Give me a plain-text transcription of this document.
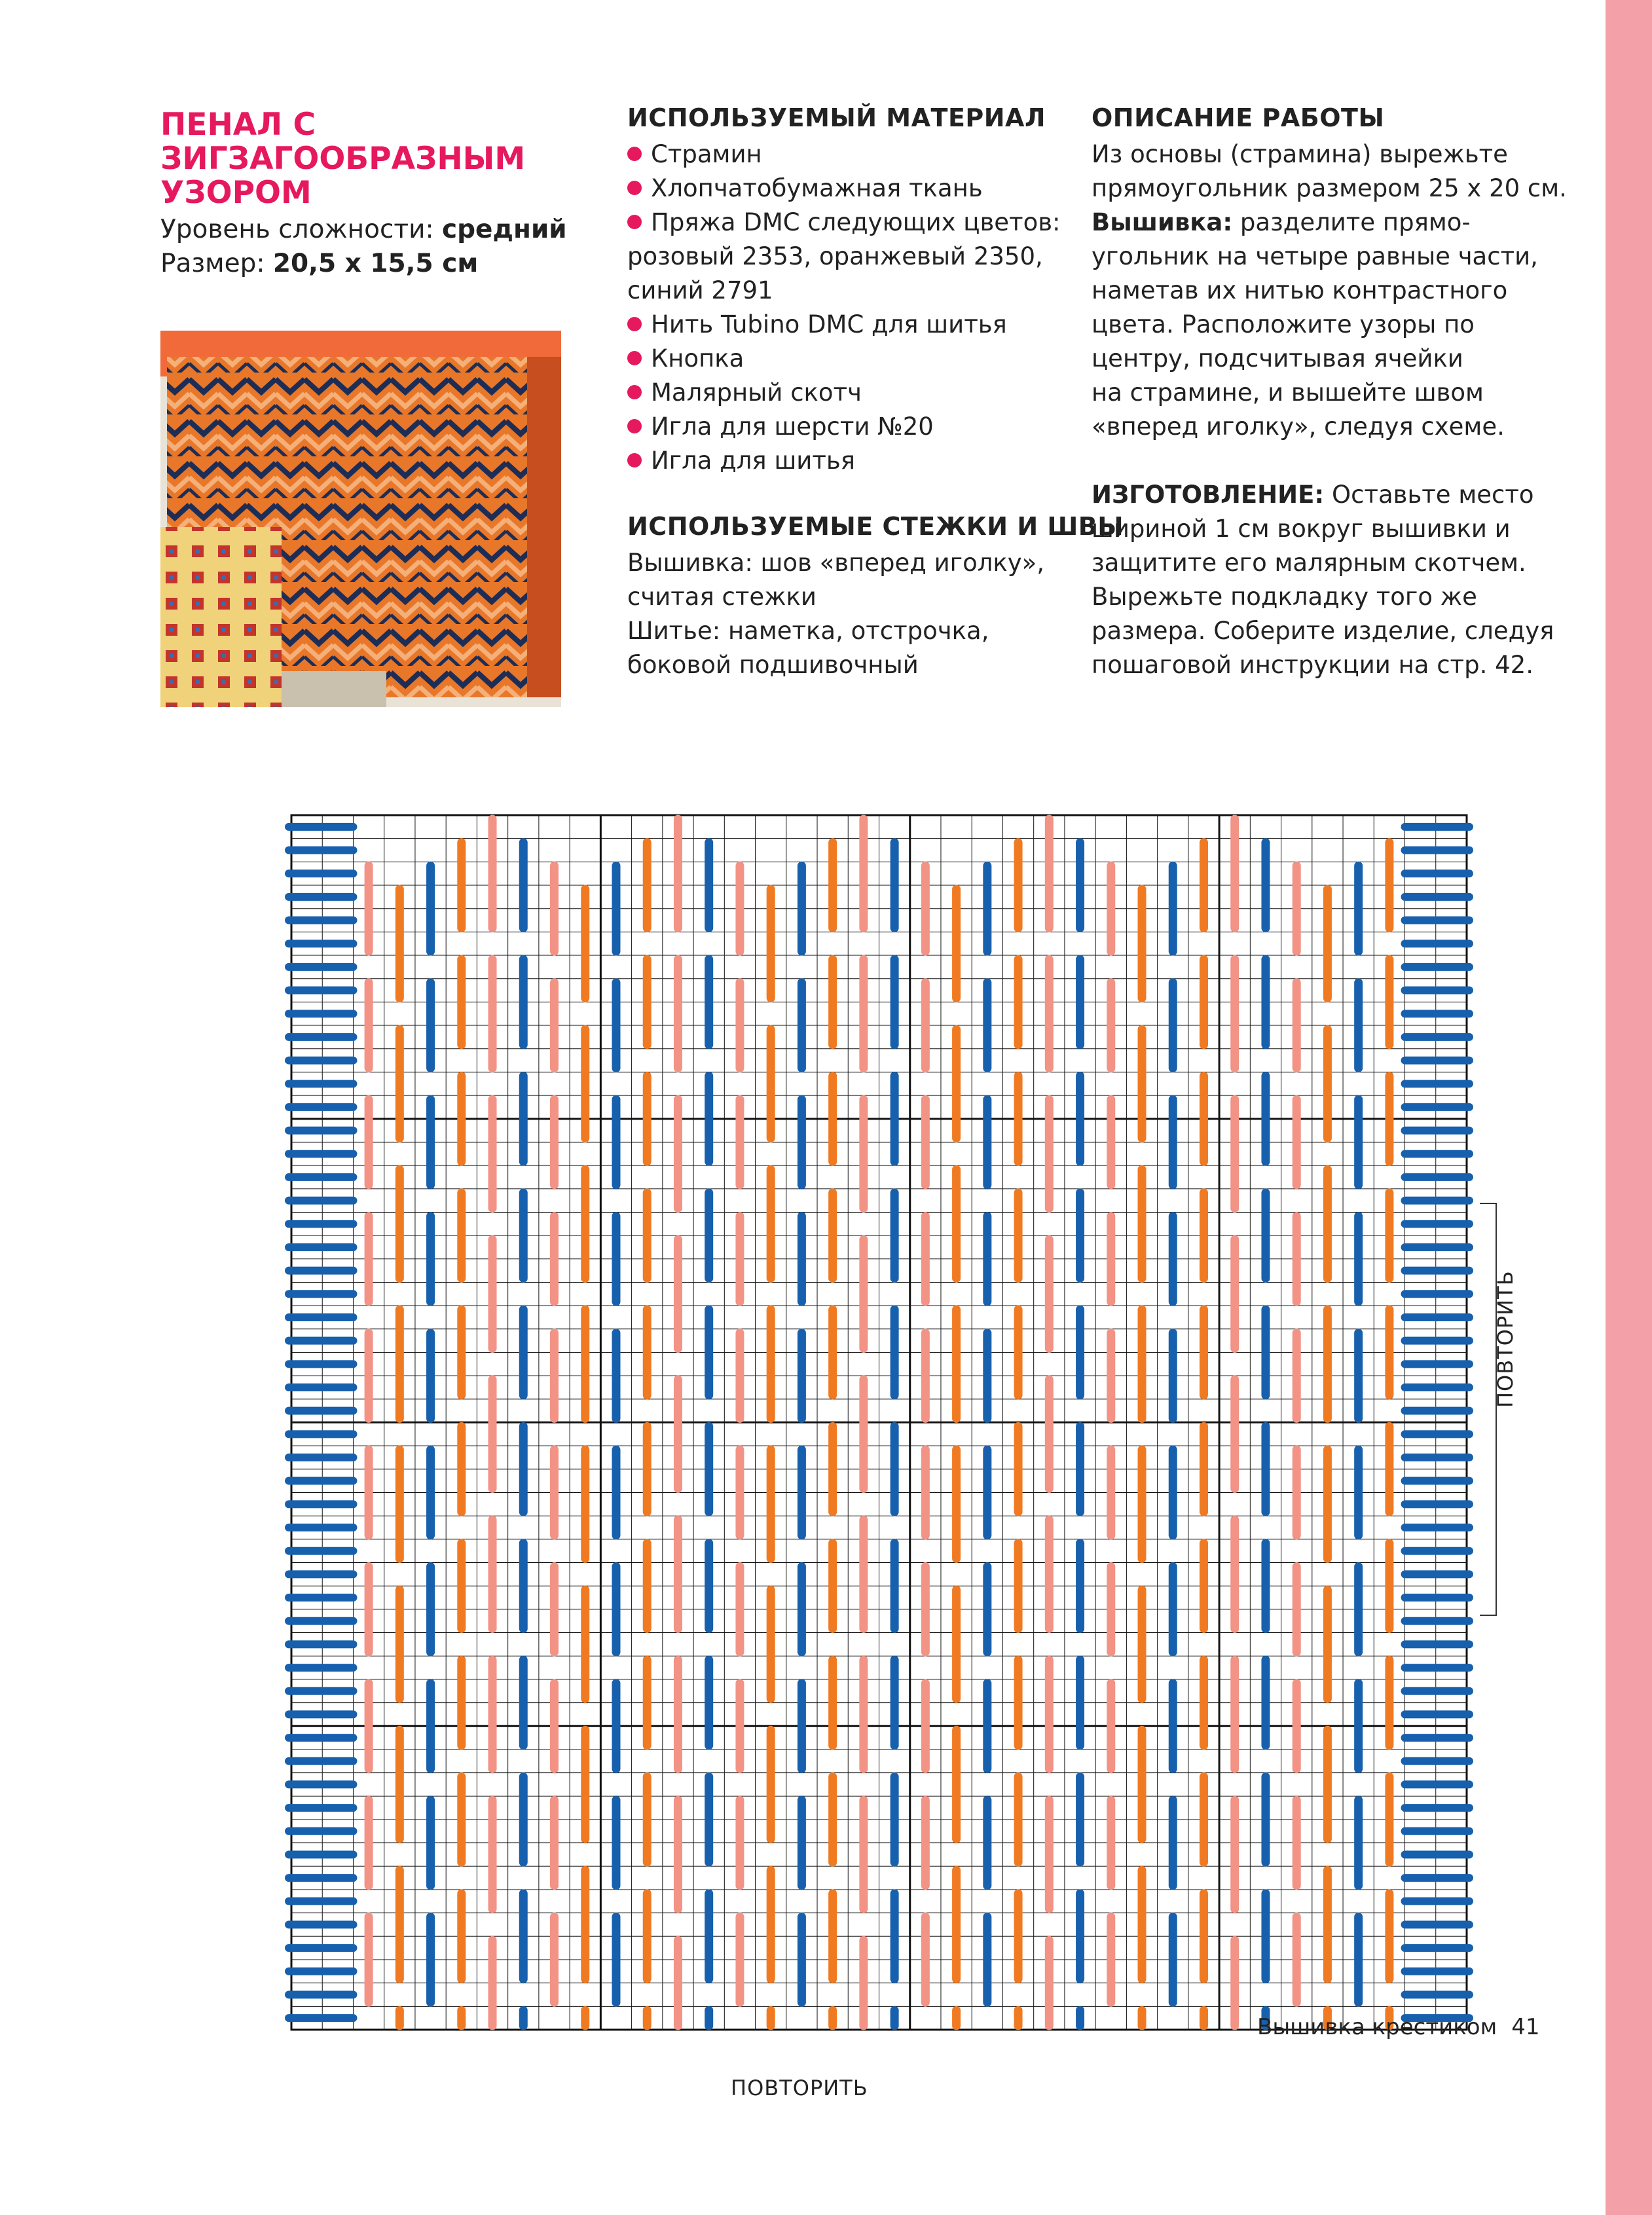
ПЕНАЛ С
ЗИГЗАГООБРАЗНЫМ
УЗОРОМ
Уровень сложности: средний
Размер: 20,5 x 15,5 см
ИСПОЛЬЗУЕМЫЙ МАТЕРИАЛ
Страмин
Хлопчатобумажная ткань
Пряжа DMC следующих цветов:
розовый 2353, оранжевый 2350,
синий 2791
Нить Tubino DMC для шитья
Кнопка
Малярный скотч
Игла для шерсти №20
Игла для шитья
ИСПОЛЬЗУЕМЫЕ СТЕЖКИ И ШВЫ
Вышивка: шов «вперед иголку»,
считая стежки
Шитье: наметка, отстрочка,
боковой подшивочный
ОПИСАНИЕ РАБОТЫ
Из основы (страмина) вырежьте
прямоугольник размером 25 х 20 см.
Вышивка: разделите прямо-
угольник на четыре равные части,
наметав их нитью контрастного
цвета. Расположите узоры по
центру, подсчитывая ячейки
на страмине, и вышейте швом
«вперед иголку», следуя схеме.
ИЗГОТОВЛЕНИЕ: Оставьте место
шириной 1 см вокруг вышивки и
защитите его малярным скотчем.
Вырежьте подкладку того же
размера. Соберите изделие, следуя
пошаговой инструкции на стр. 42.
ПОВТОРИТЬ
ПОВТОРИТЬ
Вышивка крестиком 41
